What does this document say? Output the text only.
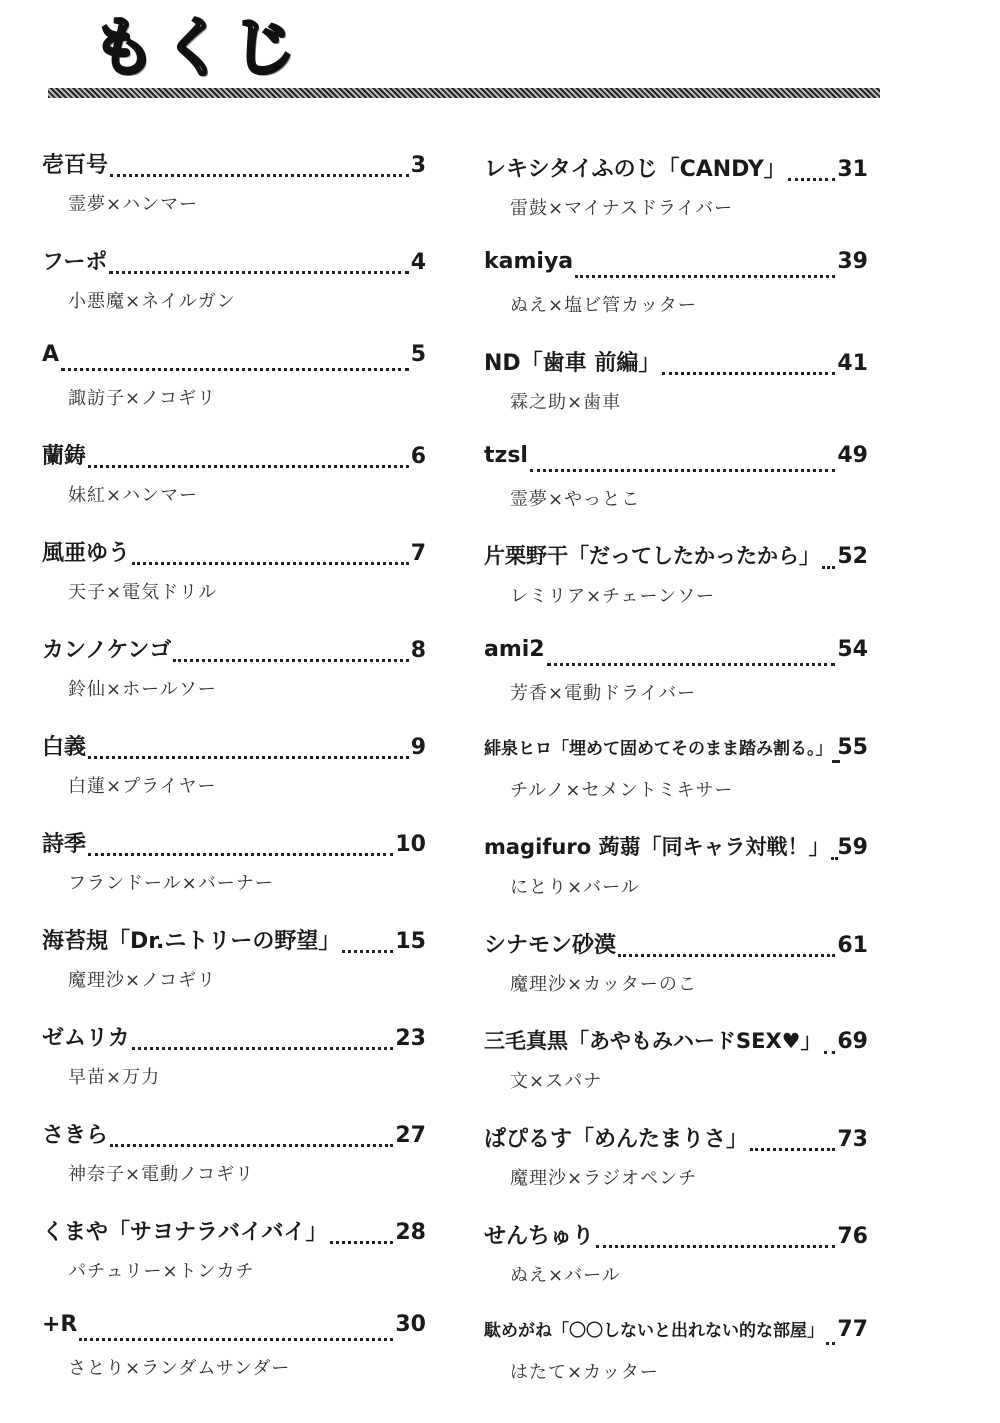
もくじ
壱百号	3
霊夢×ハンマー
フーポ	4
小悪魔×ネイルガン
A	5
諏訪子×ノコギリ
蘭鋳	6
妹紅×ハンマー
風亜ゆう	7
天子×電気ドリル
カンノケンゴ	8
鈴仙×ホールソー
白義	9
白蓮×プライヤー
詩季	10
フランドール×バーナー
海苔規「Dr.ニトリーの野望」	15
魔理沙×ノコギリ
ゼムリカ	23
早苗×万力
さきら	27
神奈子×電動ノコギリ
くまや「サヨナラバイバイ」	28
パチュリー×トンカチ
+R	30
さとり×ランダムサンダー
レキシタイふのじ「CANDY」 31
雷鼓×マイナスドライバー
kamiya	39
ぬえ×塩ビ管カッター
ND「歯車 前編」	41
霖之助×歯車
tzsl	49
霊夢×やっとこ
片栗野干「だってしたかったから」 52
レミリア×チェーンソー
ami2	54
芳香×電動ドライバー
緋泉ヒロ「埋めて固めてそのまま踏み割る。」 55
チルノ×セメントミキサー
magifuro 蒟蒻「同キャラ対戦！」 59
にとり×バール
シナモン砂漠	61
魔理沙×カッターのこ
三毛真黒「あやもみハードSEX♥」 69
文×スパナ
ぱぴるす「めんたまりさ」	73
魔理沙×ラジオペンチ
せんちゅり	76
ぬえ×バール
駄めがね「〇〇しないと出れない的な部屋」 77
はたて×カッター
